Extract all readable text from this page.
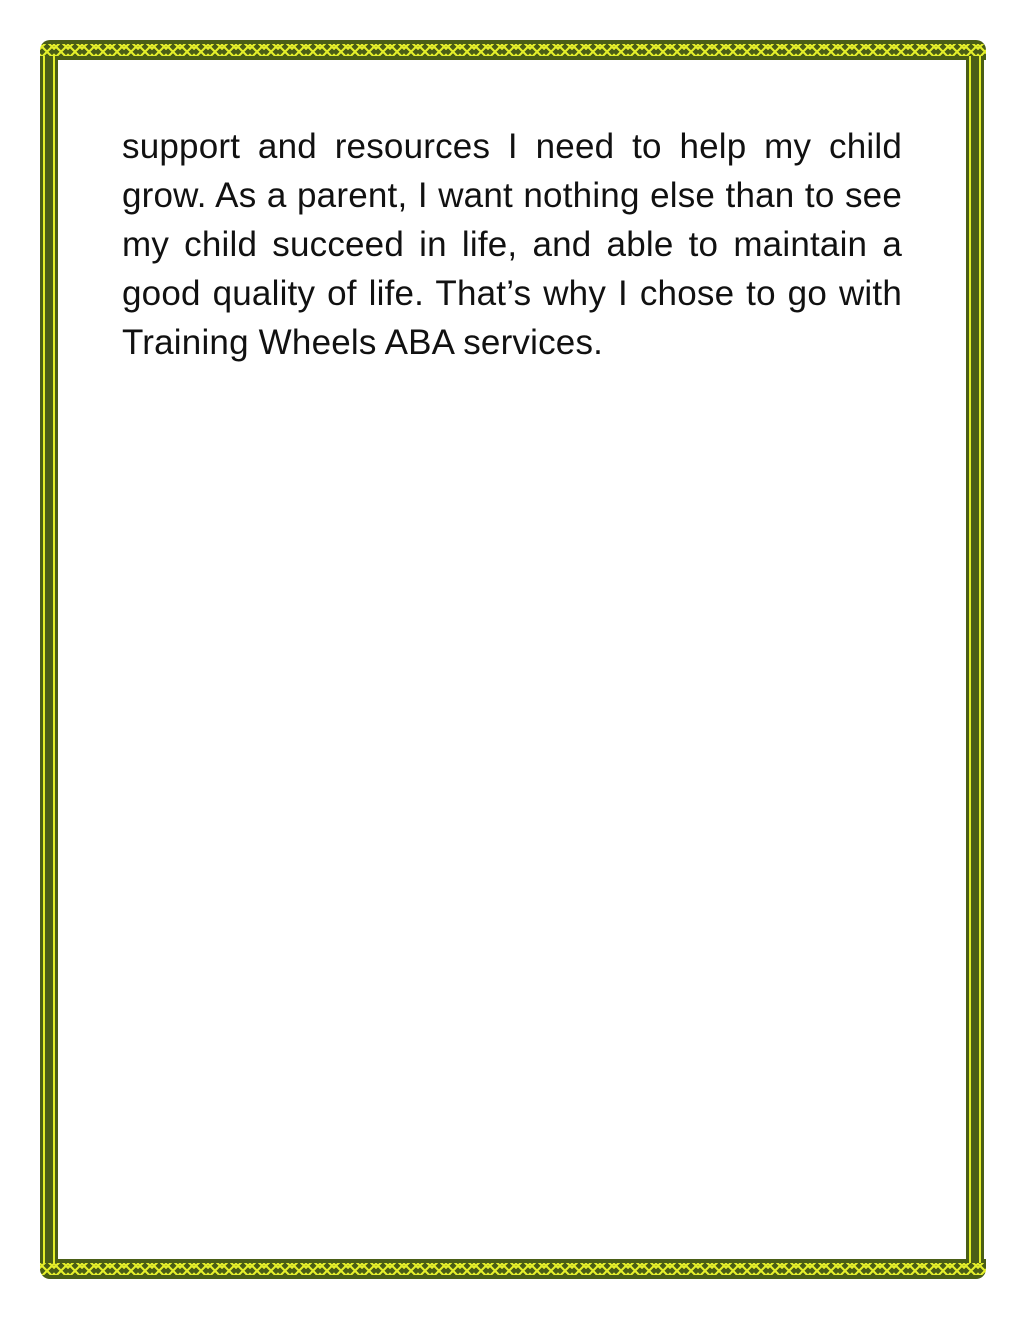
support and resources I need to help my child grow. As a parent, I want nothing else than to see my child succeed in life, and able to maintain a good quality of life. That’s why I chose to go with Training Wheels ABA services.
